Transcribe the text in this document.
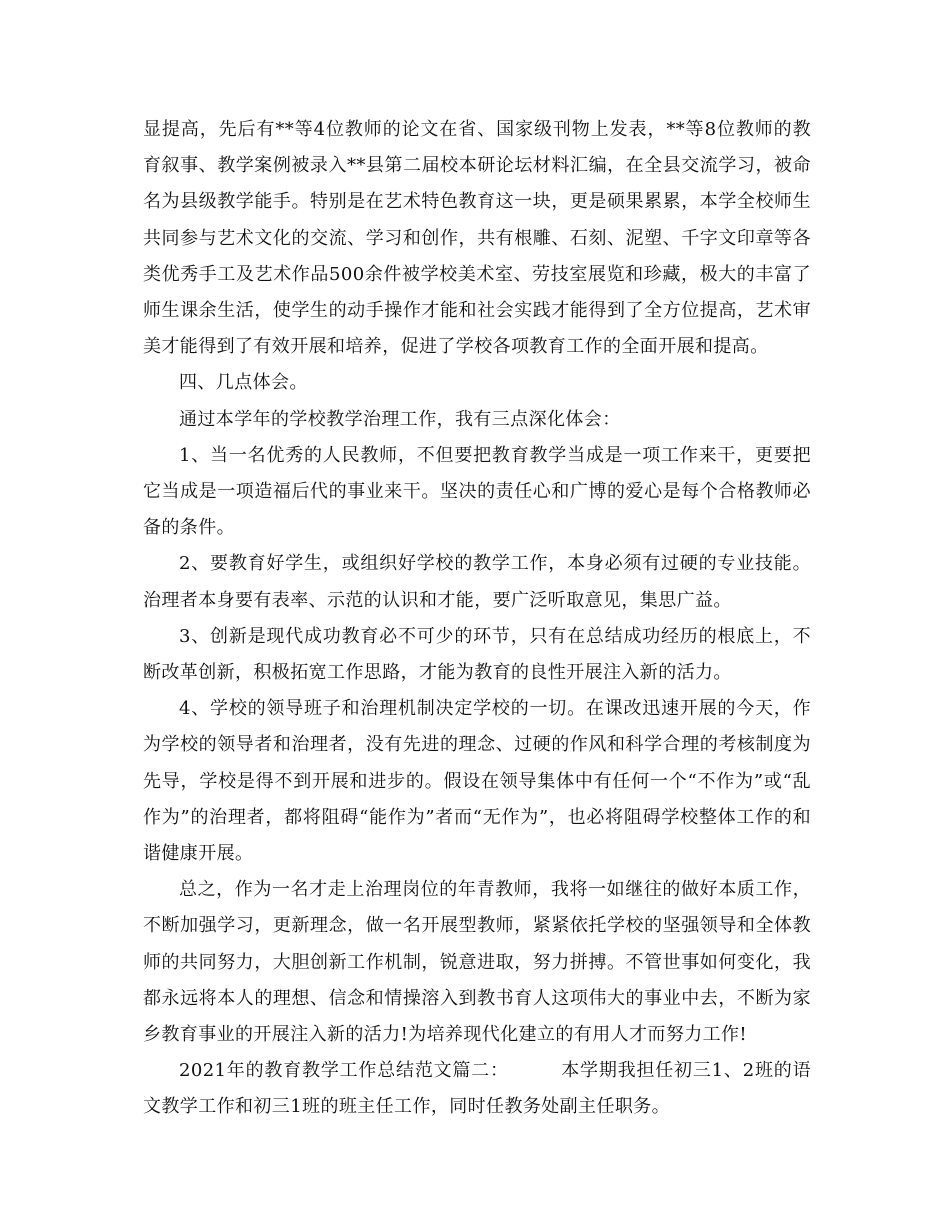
显提高，先后有**等4位教师的论文在省、国家级刊物上发表，**等8位教师的教育叙事、教学案例被录入**县第二届校本研论坛材料汇编，在全县交流学习，被命名为县级教学能手。特别是在艺术特色教育这一块，更是硕果累累，本学全校师生共同参与艺术文化的交流、学习和创作，共有根雕、石刻、泥塑、千字文印章等各类优秀手工及艺术作品500余件被学校美术室、劳技室展览和珍藏，极大的丰富了师生课余生活，使学生的动手操作才能和社会实践才能得到了全方位提高，艺术审美才能得到了有效开展和培养，促进了学校各项教育工作的全面开展和提高。

四、几点体会。

通过本学年的学校教学治理工作，我有三点深化体会：

1、当一名优秀的人民教师，不但要把教育教学当成是一项工作来干，更要把它当成是一项造福后代的事业来干。坚决的责任心和广博的爱心是每个合格教师必备的条件。

2、要教育好学生，或组织好学校的教学工作，本身必须有过硬的专业技能。治理者本身要有表率、示范的认识和才能，要广泛听取意见，集思广益。

3、创新是现代成功教育必不可少的环节，只有在总结成功经历的根底上，不断改革创新，积极拓宽工作思路，才能为教育的良性开展注入新的活力。

4、学校的领导班子和治理机制决定学校的一切。在课改迅速开展的今天，作为学校的领导者和治理者，没有先进的理念、过硬的作风和科学合理的考核制度为先导，学校是得不到开展和进步的。假设在领导集体中有任何一个“不作为”或“乱作为”的治理者，都将阻碍“能作为”者而“无作为”，也必将阻碍学校整体工作的和谐健康开展。

总之，作为一名才走上治理岗位的年青教师，我将一如继往的做好本质工作，不断加强学习，更新理念，做一名开展型教师，紧紧依托学校的坚强领导和全体教师的共同努力，大胆创新工作机制，锐意进取，努力拼搏。不管世事如何变化，我都永远将本人的理想、信念和情操溶入到教书育人这项伟大的事业中去，不断为家乡教育事业的开展注入新的活力!为培养现代化建立的有用人才而努力工作!

2021年的教育教学工作总结范文篇二：	本学期我担任初三1、2班的语文教学工作和初三1班的班主任工作，同时任教务处副主任职务。
